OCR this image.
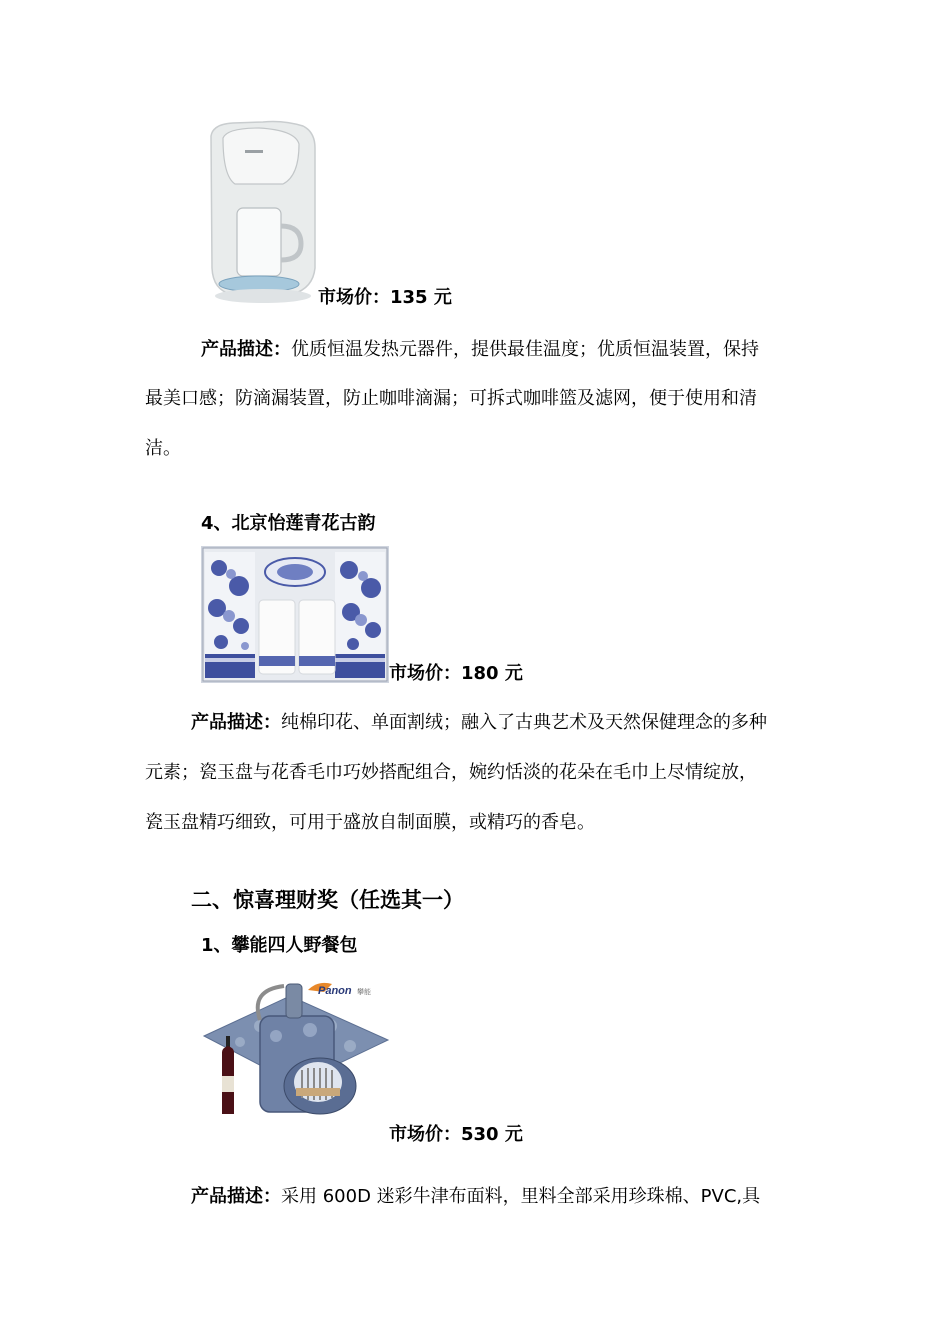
市场价：135 元
产品描述：优质恒温发热元器件，提供最佳温度；优质恒温装置，保持
最美口感；防滴漏装置，防止咖啡滴漏；可拆式咖啡篮及滤网，便于使用和清
洁。
4、北京怡莲青花古韵
市场价：180 元
产品描述：纯棉印花、单面割绒；融入了古典艺术及天然保健理念的多种
元素；瓷玉盘与花香毛巾巧妙搭配组合，婉约恬淡的花朵在毛巾上尽情绽放，
瓷玉盘精巧细致，可用于盛放自制面膜，或精巧的香皂。
二、惊喜理财奖（任选其一）
1、攀能四人野餐包
Panon 攀能
市场价：530 元
产品描述：采用 600D 迷彩牛津布面料，里料全部采用珍珠棉、PVC,具
